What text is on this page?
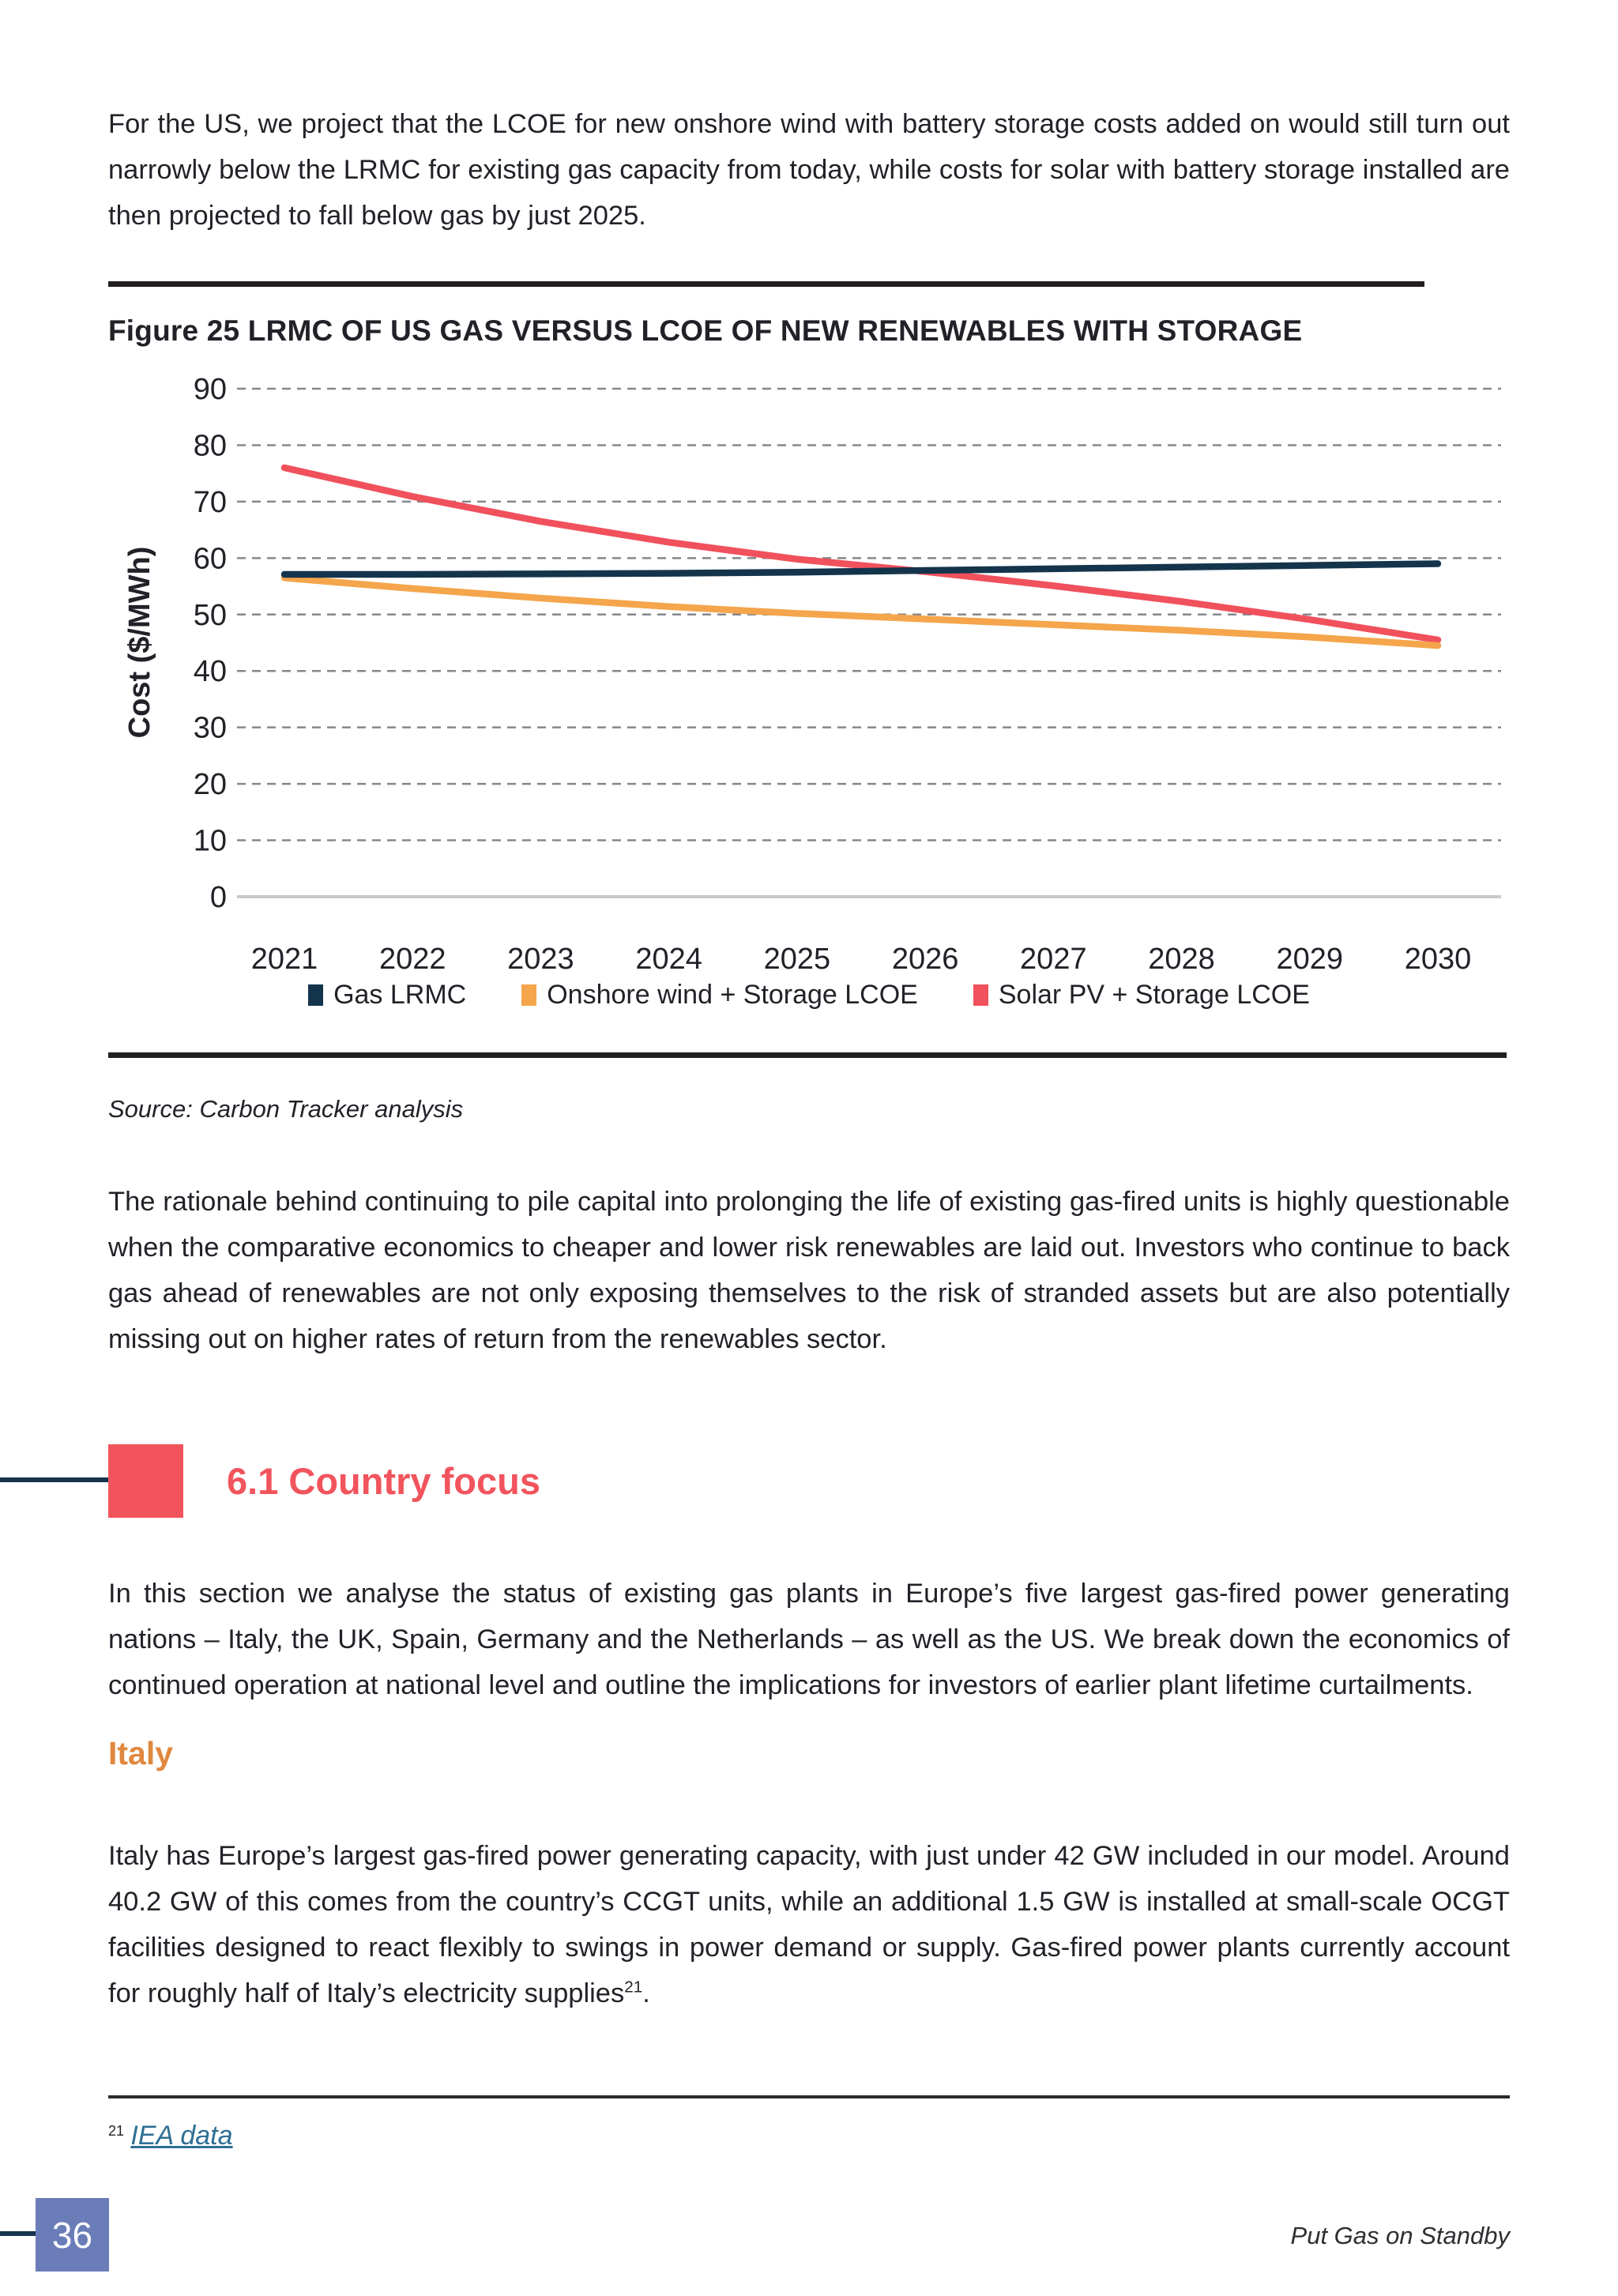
For the US, we project that the LCOE for new onshore wind with battery storage costs added on would still turn out narrowly below the LRMC for existing gas capacity from today, while costs for solar with battery storage installed are then projected to fall below gas by just 2025.

Figure 25 LRMC OF US GAS VERSUS LCOE OF NEW RENEWABLES WITH STORAGE
0
10
20
30
40
50
60
70
80
90
Cost ($/MWh)
2021 2022 2023 2024 2025 2026 2027 2028 2029 2030
Gas LRMC	Onshore wind + Storage LCOE	Solar PV + Storage LCOE

Source: Carbon Tracker analysis

The rationale behind continuing to pile capital into prolonging the life of existing gas-fired units is highly questionable when the comparative economics to cheaper and lower risk renewables are laid out. Investors who continue to back gas ahead of renewables are not only exposing themselves to the risk of stranded assets but are also potentially missing out on higher rates of return from the renewables sector.

6.1 Country focus

In this section we analyse the status of existing gas plants in Europe’s five largest gas-fired power generating nations – Italy, the UK, Spain, Germany and the Netherlands – as well as the US. We break down the economics of continued operation at national level and outline the implications for investors of earlier plant lifetime curtailments.

Italy

Italy has Europe’s largest gas-fired power generating capacity, with just under 42 GW included in our model. Around 40.2 GW of this comes from the country’s CCGT units, while an additional 1.5 GW is installed at small-scale OCGT facilities designed to react flexibly to swings in power demand or supply. Gas-fired power plants currently account for roughly half of Italy’s electricity supplies$^{21}$.

$^{21}$ IEA data

36	Put Gas on Standby
